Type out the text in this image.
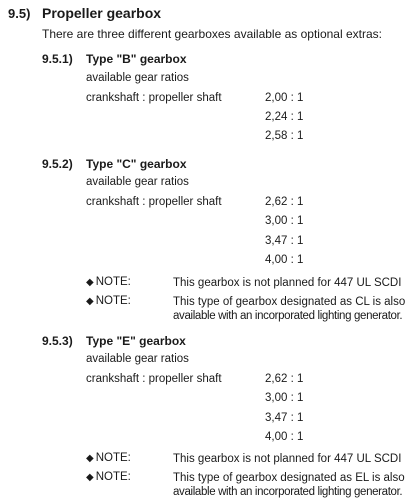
9.5) Propeller gearbox
There are three different gearboxes available as optional extras:
9.5.1) Type "B" gearbox
available gear ratios
crankshaft : propeller shaft	2,00 : 1
2,24 : 1
2,58 : 1
9.5.2) Type "C" gearbox
available gear ratios
crankshaft : propeller shaft	2,62 : 1
3,00 : 1
3,47 : 1
4,00 : 1
◆ NOTE:	This gearbox is not planned for 447 UL SCDI
◆ NOTE:	This type of gearbox designated as CL is also
available with an incorporated lighting generator.
9.5.3) Type "E" gearbox
available gear ratios
crankshaft : propeller shaft	2,62 : 1
3,00 : 1
3,47 : 1
4,00 : 1
◆ NOTE:	This gearbox is not planned for 447 UL SCDI
◆ NOTE:	This type of gearbox designated as EL is also
available with an incorporated lighting generator.
